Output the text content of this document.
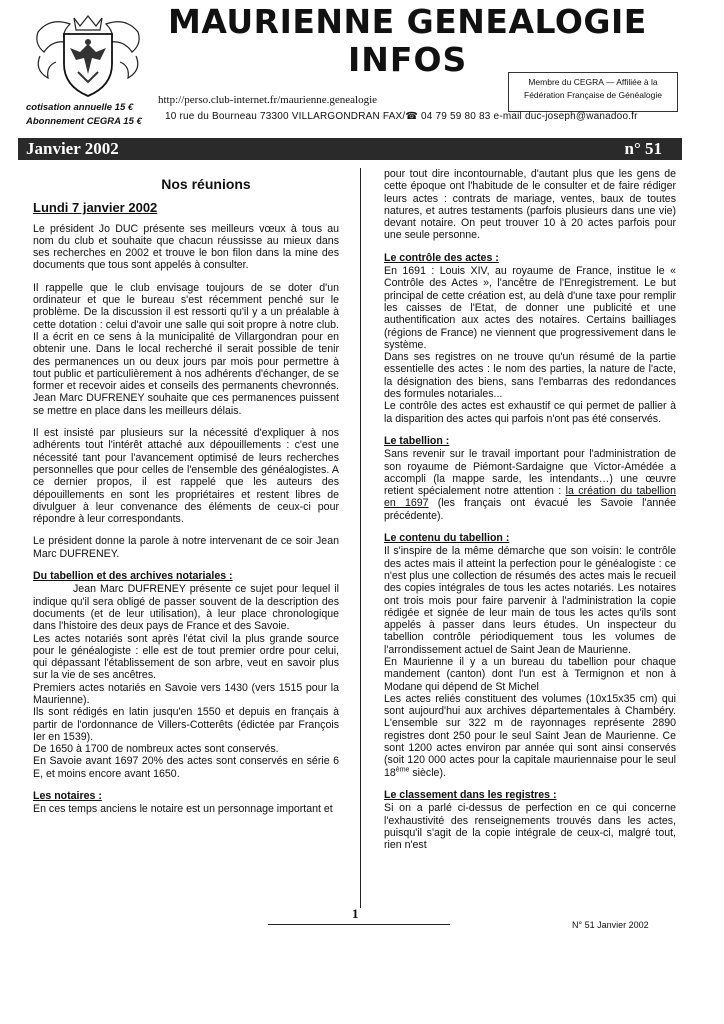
MAURIENNE GENEALOGIE
INFOS
Membre du CEGRA — Affiliée à la
Fédération Française de Généalogie
http://perso.club-internet.fr/maurienne.genealogie
cotisation annuelle 15 €
Abonnement CEGRA 15 € 10 rue du Bourneau 73300 VILLARGONDRAN FAX/☎ 04 79 59 80 83 e-mail duc-joseph@wanadoo.fr
Janvier 2002	n° 51
Nos réunions
Lundi 7 janvier 2002

Le président Jo DUC présente ses meilleurs vœux à tous au nom du club et souhaite que chacun réussisse au mieux dans ses recherches en 2002 et trouve le bon filon dans la mine des documents que tous sont appelés à consulter.

Il rappelle que le club envisage toujours de se doter d'un ordinateur et que le bureau s'est récemment penché sur le problème. De la discussion il est ressorti qu'il y a un préalable à cette dotation : celui d'avoir une salle qui soit propre à notre club. Il a écrit en ce sens à la municipalité de Villargondran pour en obtenir une. Dans le local recherché il serait possible de tenir des permanences un ou deux jours par mois pour permettre à tout public et particulièrement à nos adhérents d'échanger, de se former et recevoir aides et conseils des permanents chevronnés. Jean Marc DUFRENEY souhaite que ces permanences puissent se mettre en place dans les meilleurs délais.

Il est insisté par plusieurs sur la nécessité d'expliquer à nos adhérents tout l'intérêt attaché aux dépouillements : c'est une nécessité tant pour l'avancement optimisé de leurs recherches personnelles que pour celles de l'ensemble des généalogistes. A ce dernier propos, il est rappelé que les auteurs des dépouillements en sont les propriétaires et restent libres de divulguer à leur convenance des éléments de ceux-ci pour répondre à leur correspondants.

Le président donne la parole à notre intervenant de ce soir Jean Marc DUFRENEY.

Du tabellion et des archives notariales :

Jean Marc DUFRENEY présente ce sujet pour lequel il indique qu'il sera obligé de passer souvent de la description des documents (et de leur utilisation), à leur place chronologique dans l'histoire des deux pays de France et des Savoie.

Les actes notariés sont après l'état civil la plus grande source pour le généalogiste : elle est de tout premier ordre pour celui, qui dépassant l'établissement de son arbre, veut en savoir plus sur la vie de ses ancêtres.

Premiers actes notariés en Savoie vers 1430 (vers 1515 pour la Maurienne).

Ils sont rédigés en latin jusqu'en 1550 et depuis en français à partir de l'ordonnance de Villers-Cotterêts (édictée par François Ier en 1539).

De 1650 à 1700 de nombreux actes sont conservés.

En Savoie avant 1697 20% des actes sont conservés en série 6 E, et moins encore avant 1650.

Les notaires :

En ces temps anciens le notaire est un personnage important et

pour tout dire incontournable, d'autant plus que les gens de cette époque ont l'habitude de le consulter et de faire rédiger leurs actes : contrats de mariage, ventes, baux de toutes natures, et autres testaments (parfois plusieurs dans une vie) devant notaire. On peut trouver 10 à 20 actes parfois pour une seule personne.

Le contrôle des actes :

En 1691 : Louis XIV, au royaume de France, institue le « Contrôle des Actes », l'ancêtre de l'Enregistrement. Le but principal de cette création est, au delà d'une taxe pour remplir les caisses de l'Etat, de donner une publicité et une authentification aux actes des notaires. Certains bailliages (régions de France) ne viennent que progressivement dans le système.

Dans ses registres on ne trouve qu'un résumé de la partie essentielle des actes : le nom des parties, la nature de l'acte, la désignation des biens, sans l'embarras des redondances des formules notariales...

Le contrôle des actes est exhaustif ce qui permet de pallier à la disparition des actes qui parfois n'ont pas été conservés.

Le tabellion :

Sans revenir sur le travail important pour l'administration de son royaume de Piémont-Sardaigne que Victor-Amédée a accompli (la mappe sarde, les intendants…) une œuvre retient spécialement notre attention : la création du tabellion en 1697 (les français ont évacué les Savoie l'année précédente).

Le contenu du tabellion :

Il s'inspire de la même démarche que son voisin: le contrôle des actes mais il atteint la perfection pour le généalogiste : ce n'est plus une collection de résumés des actes mais le recueil des copies intégrales de tous les actes notariés. Les notaires ont trois mois pour faire parvenir à l'administration la copie rédigée et signée de leur main de tous les actes qu'ils sont appelés à passer dans leurs études. Un inspecteur du tabellion contrôle périodiquement tous les volumes de l'arrondissement actuel de Saint Jean de Maurienne.

En Maurienne il y a un bureau du tabellion pour chaque mandement (canton) dont l'un est à Termignon et non à Modane qui dépend de St Michel

Les actes reliés constituent des volumes (10x15x35 cm) qui sont aujourd'hui aux archives départementales à Chambéry. L'ensemble sur 322 m de rayonnages représente 2890 registres dont 250 pour le seul Saint Jean de Maurienne. Ce sont 1200 actes environ par année qui sont ainsi conservés (soit 120 000 actes pour la capitale mauriennaise pour le seul 18ème siècle).

Le classement dans les registres :

Si on a parlé ci-dessus de perfection en ce qui concerne l'exhaustivité des renseignements trouvés dans les actes, puisqu'il s'agit de la copie intégrale de ceux-ci, malgré tout, rien n'est

1
N° 51 Janvier 2002
